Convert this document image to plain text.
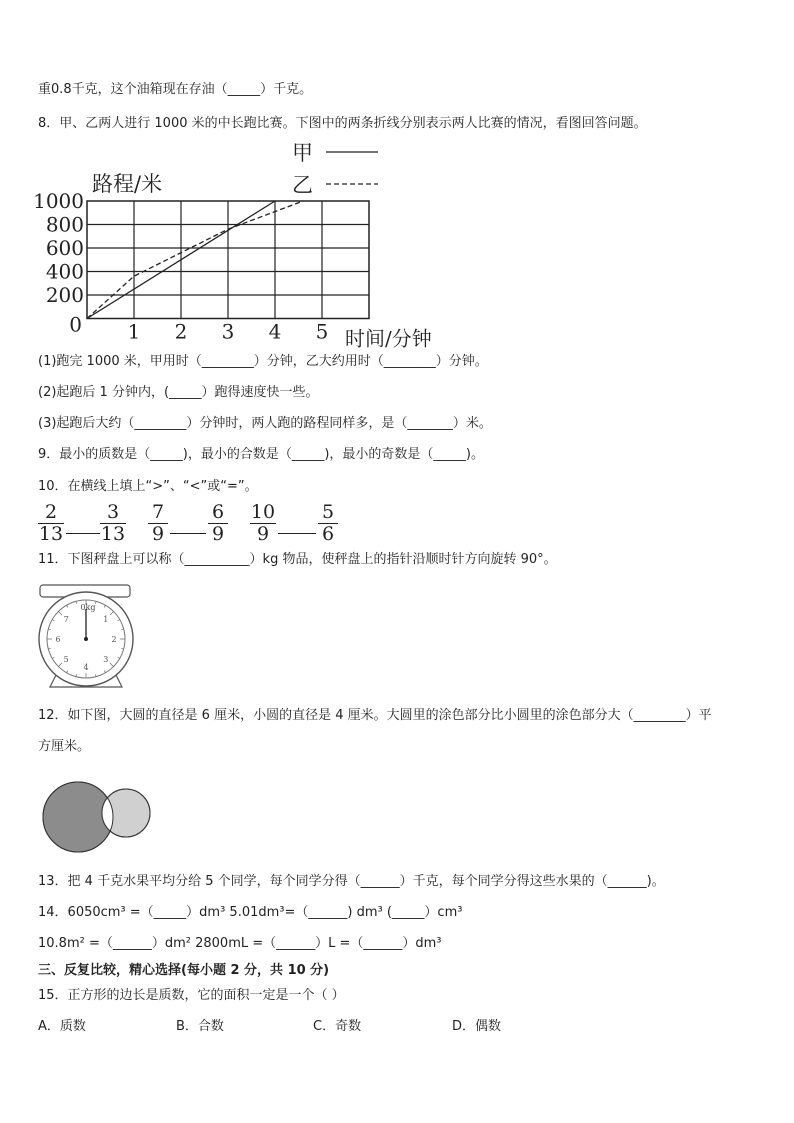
重0.8千克，这个油箱现在存油（_____）千克。
8．甲、乙两人进行 1000 米的中长跑比赛。下图中的两条折线分别表示两人比赛的情况，看图回答问题。
路程/米
时间/分钟
0
200
400
600
800
1000
1 2 3 4 5
甲
乙
(1)跑完 1000 米，甲用时（________）分钟，乙大约用时（________）分钟。
(2)起跑后 1 分钟内，(_____）跑得速度快一些。
(3)起跑后大约（________）分钟时，两人跑的路程同样多，是（_______）米。
9．最小的质数是（_____)，最小的合数是（_____)，最小的奇数是（_____)。
10．在横线上填上“>”、“<”或“=”。
2
13
3
13
7
9
6
9
10
9
5
6
11．下图秤盘上可以称（__________）kg 物品，使秤盘上的指针沿顺时针方向旋转 90°。
1
2
3
4
5
6
7
0kg
12．如下图，大圆的直径是 6 厘米，小圆的直径是 4 厘米。大圆里的涂色部分比小圆里的涂色部分大（________）平
方厘米。
13．把 4 千克水果平均分给 5 个同学，每个同学分得（______）千克，每个同学分得这些水果的（______)。
14．6050cm³ =（_____）dm³ 5.01dm³=（______) dm³ (_____）cm³
10.8m² =（______）dm² 2800mL =（______）L =（______）dm³
三、反复比较，精心选择(每小题 2 分，共 10 分)
15．正方形的边长是质数，它的面积一定是一个（ ）
A．质数	B．合数	C．奇数	D．偶数
